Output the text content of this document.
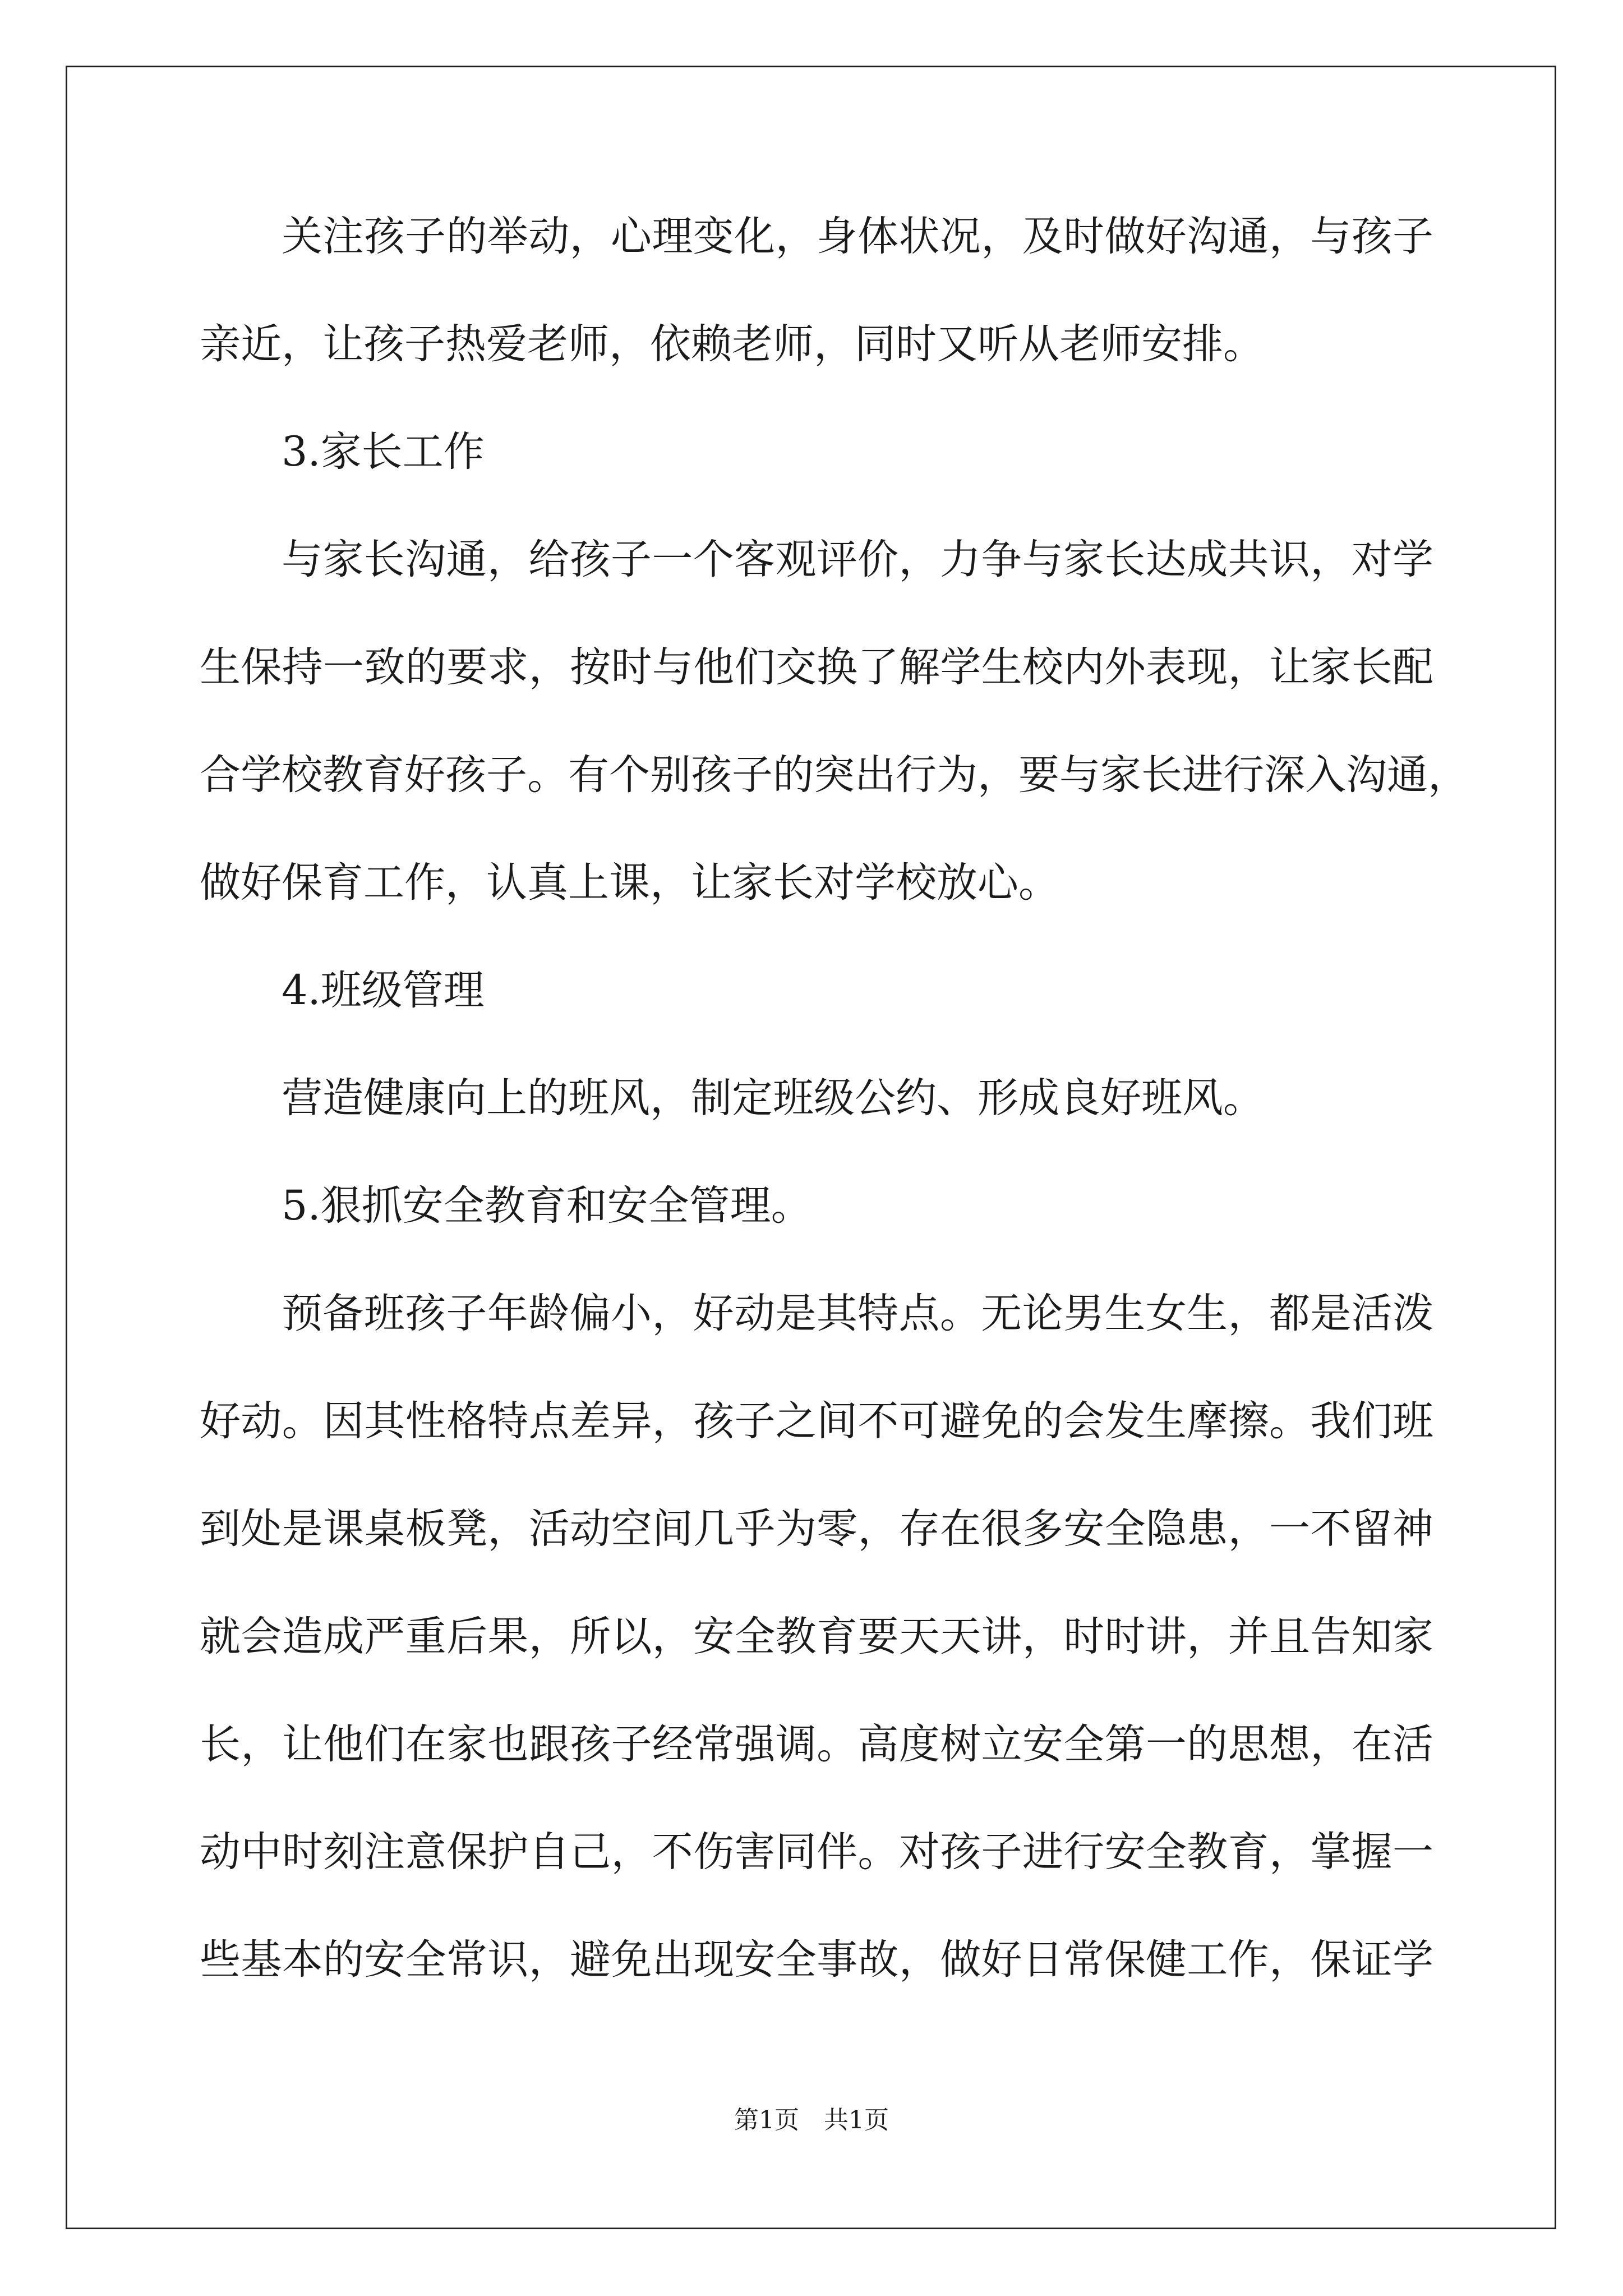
关注孩子的举动，心理变化，身体状况，及时做好沟通，与孩子
亲近，让孩子热爱老师，依赖老师，同时又听从老师安排。
3.家长工作
与家长沟通，给孩子一个客观评价，力争与家长达成共识，对学
生保持一致的要求，按时与他们交换了解学生校内外表现，让家长配
合学校教育好孩子。有个别孩子的突出行为，要与家长进行深入沟通，
做好保育工作，认真上课，让家长对学校放心。
4.班级管理
营造健康向上的班风，制定班级公约、形成良好班风。
5.狠抓安全教育和安全管理。
预备班孩子年龄偏小，好动是其特点。无论男生女生，都是活泼
好动。因其性格特点差异，孩子之间不可避免的会发生摩擦。我们班
到处是课桌板凳，活动空间几乎为零，存在很多安全隐患，一不留神
就会造成严重后果，所以，安全教育要天天讲，时时讲，并且告知家
长，让他们在家也跟孩子经常强调。高度树立安全第一的思想，在活
动中时刻注意保护自己，不伤害同伴。对孩子进行安全教育，掌握一
些基本的安全常识，避免出现安全事故，做好日常保健工作，保证学
第1页　共1页
